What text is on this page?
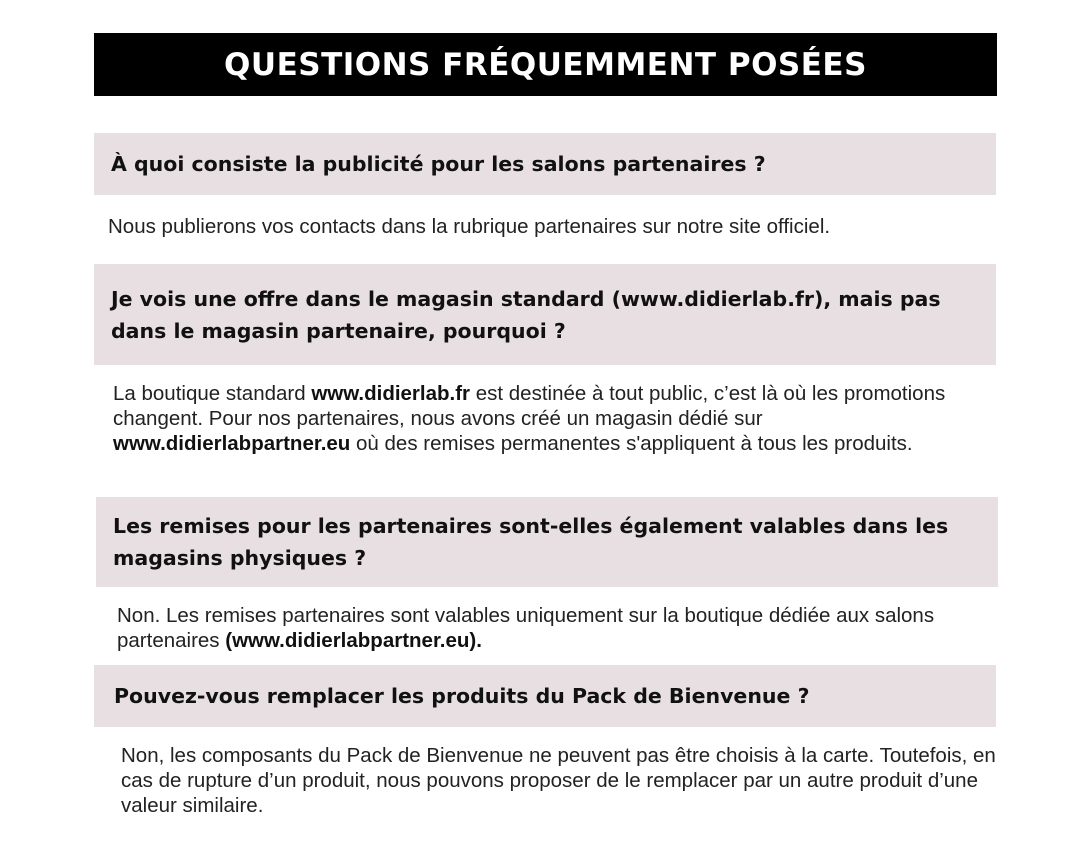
QUESTIONS FRÉQUEMMENT POSÉES

À quoi consiste la publicité pour les salons partenaires ?

Nous publierons vos contacts dans la rubrique partenaires sur notre site officiel.

Je vois une offre dans le magasin standard (www.didierlab.fr), mais pas dans le magasin partenaire, pourquoi ?

La boutique standard www.didierlab.fr est destinée à tout public, c’est là où les promotions changent. Pour nos partenaires, nous avons créé un magasin dédié sur www.didierlabpartner.eu où des remises permanentes s'appliquent à tous les produits.

Les remises pour les partenaires sont-elles également valables dans les magasins physiques ?

Non. Les remises partenaires sont valables uniquement sur la boutique dédiée aux salons partenaires (www.didierlabpartner.eu).

Pouvez-vous remplacer les produits du Pack de Bienvenue ?

Non, les composants du Pack de Bienvenue ne peuvent pas être choisis à la carte. Toutefois, en cas de rupture d’un produit, nous pouvons proposer de le remplacer par un autre produit d’une valeur similaire.
